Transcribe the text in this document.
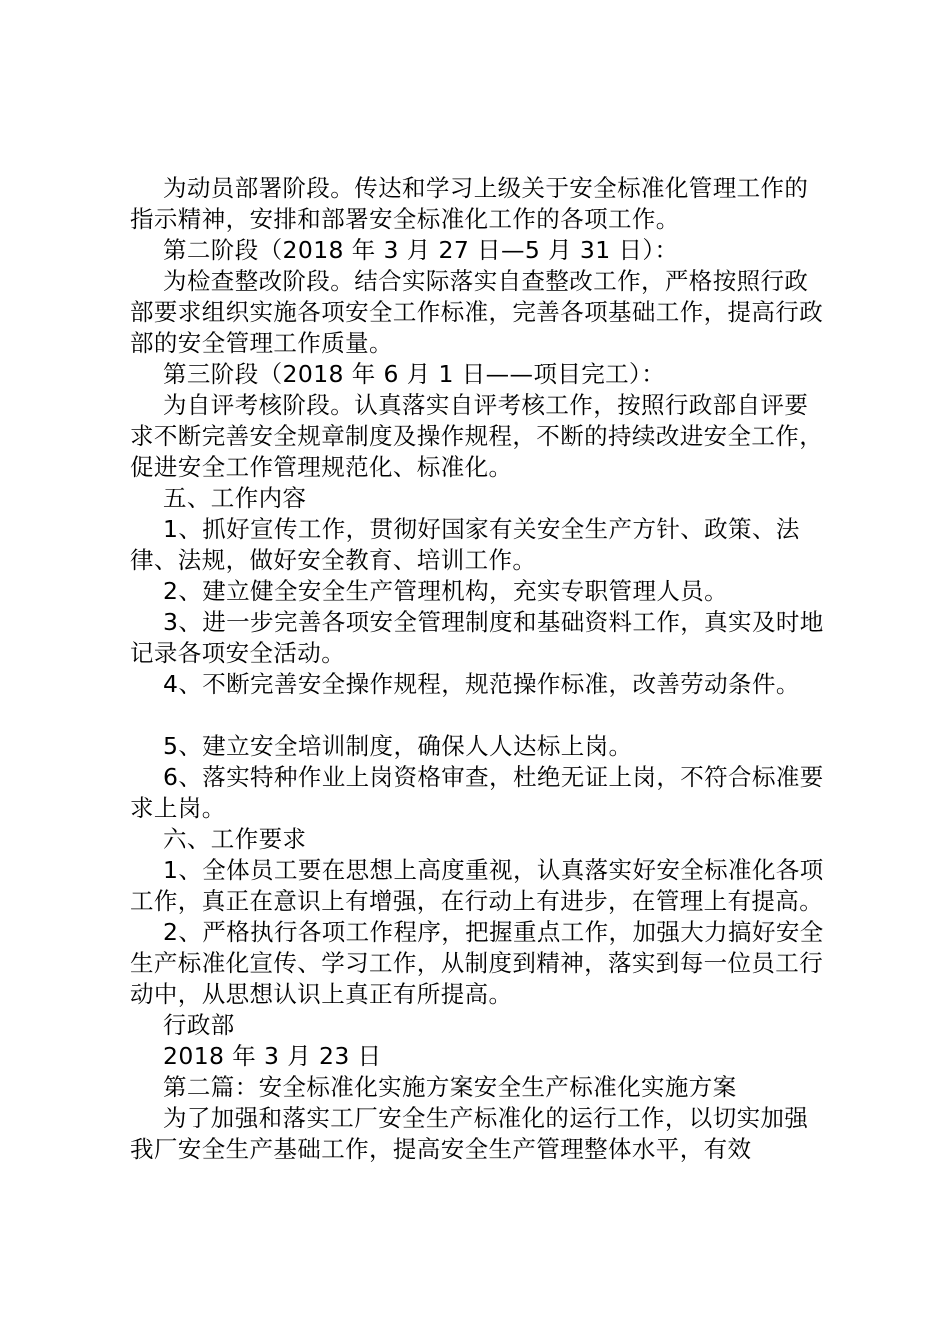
为动员部署阶段。传达和学习上级关于安全标准化管理工作的指示精神，安排和部署安全标准化工作的各项工作。

第二阶段（2018 年 3 月 27 日—5 月 31 日）：

为检查整改阶段。结合实际落实自查整改工作，严格按照行政部要求组织实施各项安全工作标准，完善各项基础工作，提高行政部的安全管理工作质量。

第三阶段（2018 年 6 月 1 日——项目完工）：

为自评考核阶段。认真落实自评考核工作，按照行政部自评要求不断完善安全规章制度及操作规程，不断的持续改进安全工作，促进安全工作管理规范化、标准化。

五、工作内容

1、抓好宣传工作，贯彻好国家有关安全生产方针、政策、法律、法规，做好安全教育、培训工作。

2、建立健全安全生产管理机构，充实专职管理人员。

3、进一步完善各项安全管理制度和基础资料工作，真实及时地记录各项安全活动。

4、不断完善安全操作规程，规范操作标准，改善劳动条件。

5、建立安全培训制度，确保人人达标上岗。

6、落实特种作业上岗资格审查，杜绝无证上岗，不符合标准要求上岗。

六、工作要求

1、全体员工要在思想上高度重视，认真落实好安全标准化各项工作，真正在意识上有增强，在行动上有进步，在管理上有提高。

2、严格执行各项工作程序，把握重点工作，加强大力搞好安全生产标准化宣传、学习工作，从制度到精神，落实到每一位员工行动中，从思想认识上真正有所提高。

行政部

2018 年 3 月 23 日

第二篇：安全标准化实施方案安全生产标准化实施方案

为了加强和落实工厂安全生产标准化的运行工作，以切实加强我厂安全生产基础工作，提高安全生产管理整体水平，有效
